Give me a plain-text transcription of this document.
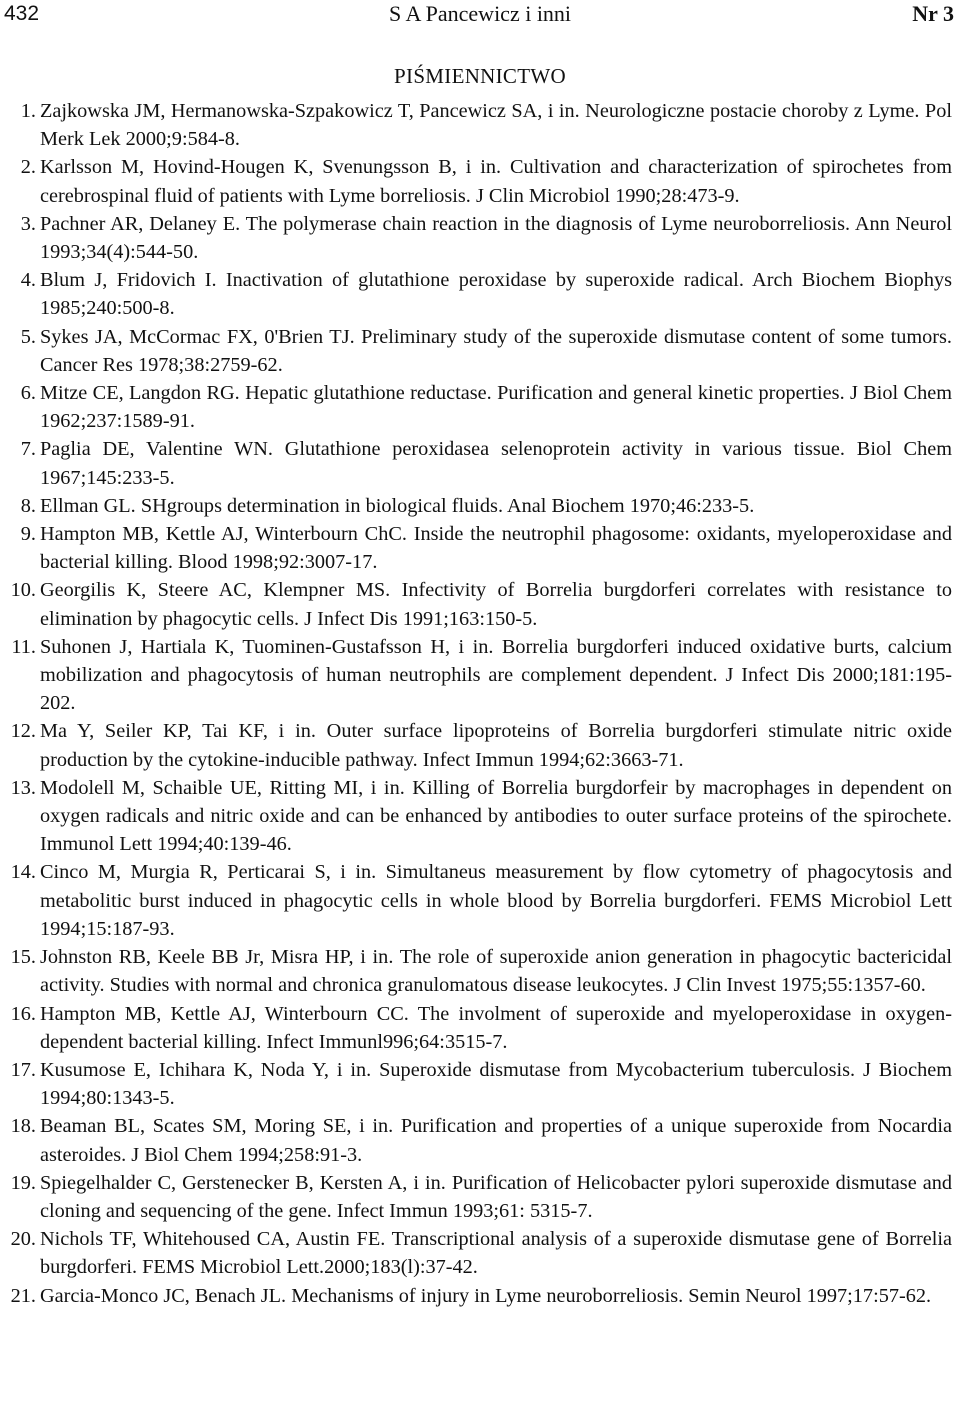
432	S A Pancewicz i inni	Nr 3
PIŚMIENNICTWO
1. Zajkowska JM, Hermanowska-Szpakowicz T, Pancewicz SA, i in. Neurologiczne postacie choroby z Lyme. Pol Merk Lek 2000;9:584-8.
2. Karlsson M, Hovind-Hougen K, Svenungsson B, i in. Cultivation and characterization of spirochetes from cerebrospinal fluid of patients with Lyme borreliosis. J Clin Microbiol 1990;28:473-9.
3. Pachner AR, Delaney E. The polymerase chain reaction in the diagnosis of Lyme neuroborreliosis. Ann Neurol 1993;34(4):544-50.
4. Blum J, Fridovich I. Inactivation of glutathione peroxidase by superoxide radical. Arch Biochem Biophys 1985;240:500-8.
5. Sykes JA, McCormac FX, 0'Brien TJ. Preliminary study of the superoxide dismutase content of some tumors. Cancer Res 1978;38:2759-62.
6. Mitze CE, Langdon RG. Hepatic glutathione reductase. Purification and general kinetic properties. J Biol Chem 1962;237:1589-91.
7. Paglia DE, Valentine WN. Glutathione peroxidasea selenoprotein activity in various tissue. Biol Chem 1967;145:233-5.
8. Ellman GL. SHgroups determination in biological fluids. Anal Biochem 1970;46:233-5.
9. Hampton MB, Kettle AJ, Winterbourn ChC. Inside the neutrophil phagosome: oxidants, myeloperoxidase and bacterial killing. Blood 1998;92:3007-17.
10. Georgilis K, Steere AC, Klempner MS. Infectivity of Borrelia burgdorferi correlates with resistance to elimination by phagocytic cells. J Infect Dis 1991;163:150-5.
11. Suhonen J, Hartiala K, Tuominen-Gustafsson H, i in. Borrelia burgdorferi induced oxidative burts, calcium mobilization and phagocytosis of human neutrophils are complement dependent. J Infect Dis 2000;181:195-202.
12. Ma Y, Seiler KP, Tai KF, i in. Outer surface lipoproteins of Borrelia burgdorferi stimulate nitric oxide production by the cytokine-inducible pathway. Infect Immun 1994;62:3663-71.
13. Modolell M, Schaible UE, Ritting MI, i in. Killing of Borrelia burgdorfeir by macrophages in dependent on oxygen radicals and nitric oxide and can be enhanced by antibodies to outer surface proteins of the spirochete. Immunol Lett 1994;40:139-46.
14. Cinco M, Murgia R, Perticarai S, i in. Simultaneus measurement by flow cytometry of phagocytosis and metabolitic burst induced in phagocytic cells in whole blood by Borrelia burgdorferi. FEMS Microbiol Lett 1994;15:187-93.
15. Johnston RB, Keele BB Jr, Misra HP, i in. The role of superoxide anion generation in phagocytic bactericidal activity. Studies with normal and chronica granulomatous disease leukocytes. J Clin Invest 1975;55:1357-60.
16. Hampton MB, Kettle AJ, Winterbourn CC. The involment of superoxide and myeloperoxidase in oxygen-dependent bacterial killing. Infect Immunl996;64:3515-7.
17. Kusumose E, Ichihara K, Noda Y, i in. Superoxide dismutase from Mycobacterium tuberculosis. J Biochem 1994;80:1343-5.
18. Beaman BL, Scates SM, Moring SE, i in. Purification and properties of a unique superoxide from Nocardia asteroides. J Biol Chem 1994;258:91-3.
19. Spiegelhalder C, Gerstenecker B, Kersten A, i in. Purification of Helicobacter pylori superoxide dismutase and cloning and sequencing of the gene. Infect Immun 1993;61: 5315-7.
20. Nichols TF, Whitehoused CA, Austin FE. Transcriptional analysis of a superoxide dismutase gene of Borrelia burgdorferi. FEMS Microbiol Lett.2000;183(l):37-42.
21. Garcia-Monco JC, Benach JL. Mechanisms of injury in Lyme neuroborreliosis. Semin Neurol 1997;17:57-62.
